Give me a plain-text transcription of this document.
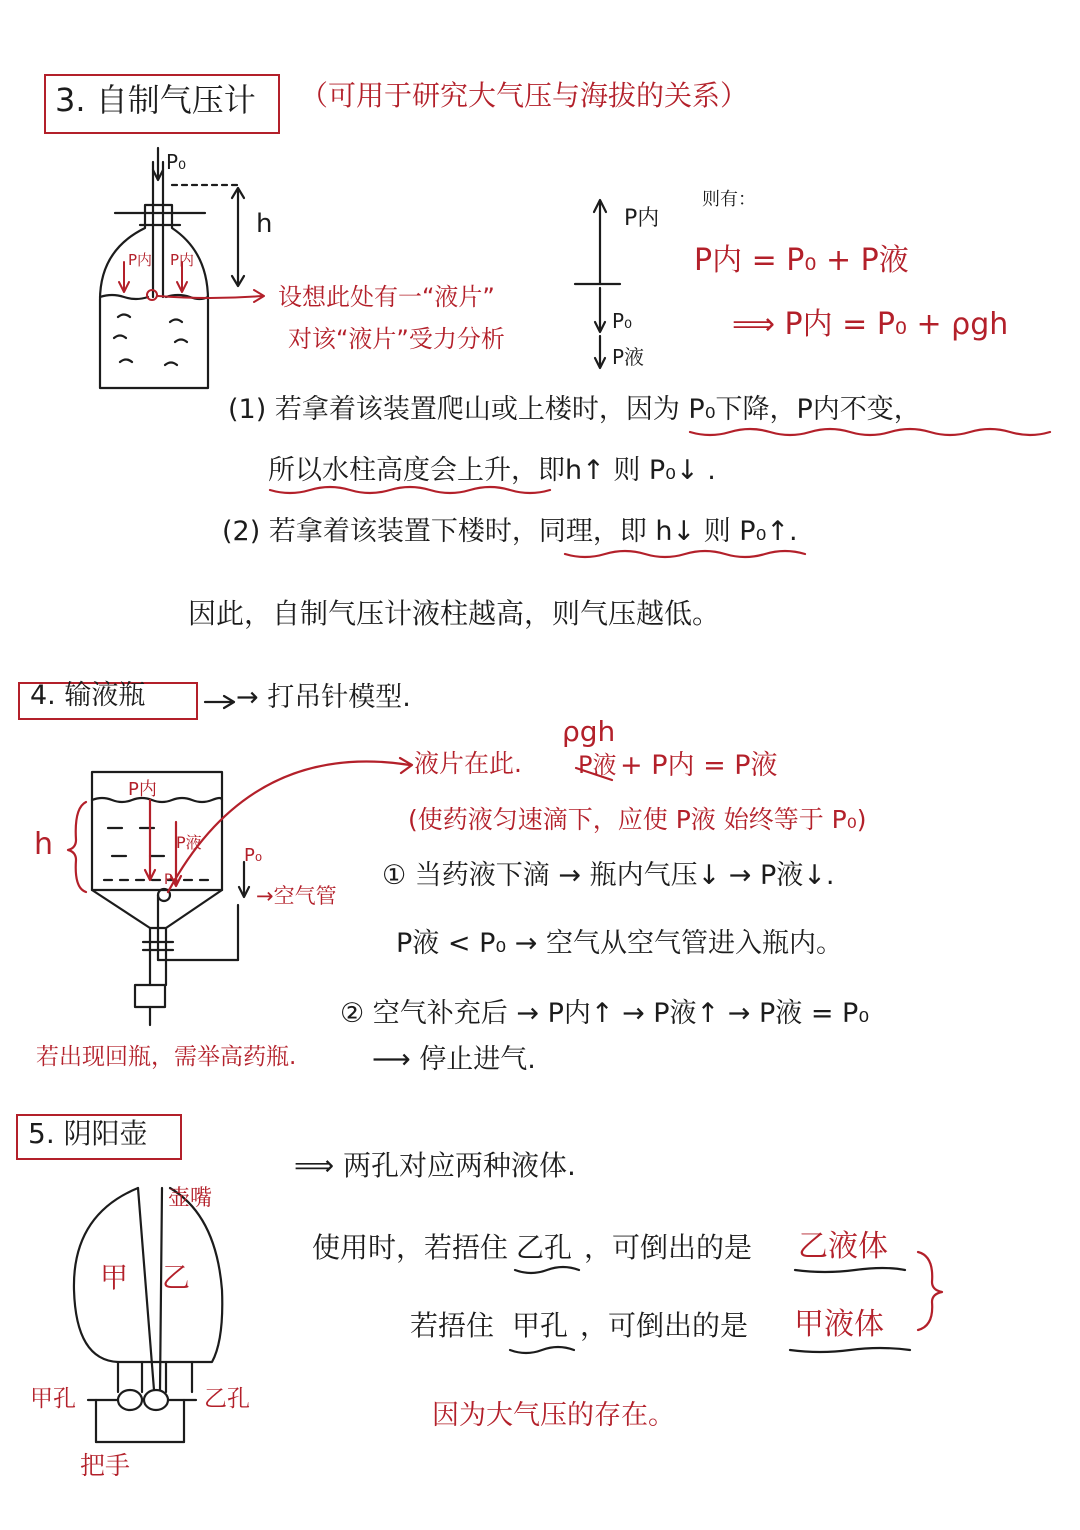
3. 自制气压计 （可用于研究大气压与海拔的关系）
P₀
h
P内 P内
设想此处有一“液片”
对该“液片”受力分析
P内
P₀
P液
则有：
P内 = P₀ + P液
⟹ P内 = P₀ + ρgh
(1) 若拿着该装置爬山或上楼时，因为 P₀下降，P内不变，
所以水柱高度会上升，即h↑ 则 P₀↓ .
(2) 若拿着该装置下楼时，同理，即 h↓ 则 P₀↑.
因此，自制气压计液柱越高，则气压越低。
4. 输液瓶	→ 打吊针模型.
ρgh
液片在此. P液 + P内 = P液
(使药液匀速滴下，应使 P液 始终等于 P₀)
P内
P液
P₀
P₀
h
→空气管
① 当药液下滴 → 瓶内气压↓ → P液↓.
P液 < P₀ → 空气从空气管进入瓶内。
② 空气补充后 → P内↑ → P液↑ → P液 = P₀
⟶ 停止进气.
若出现回瓶，需举高药瓶.
5. 阴阳壶
⟹ 两孔对应两种液体.
使用时，若捂住 乙孔 ，可倒出的是 乙液体
若捂住 甲孔 ，可倒出的是 甲液体
因为大气压的存在。
壶嘴
甲 乙
甲孔	乙孔
把手
